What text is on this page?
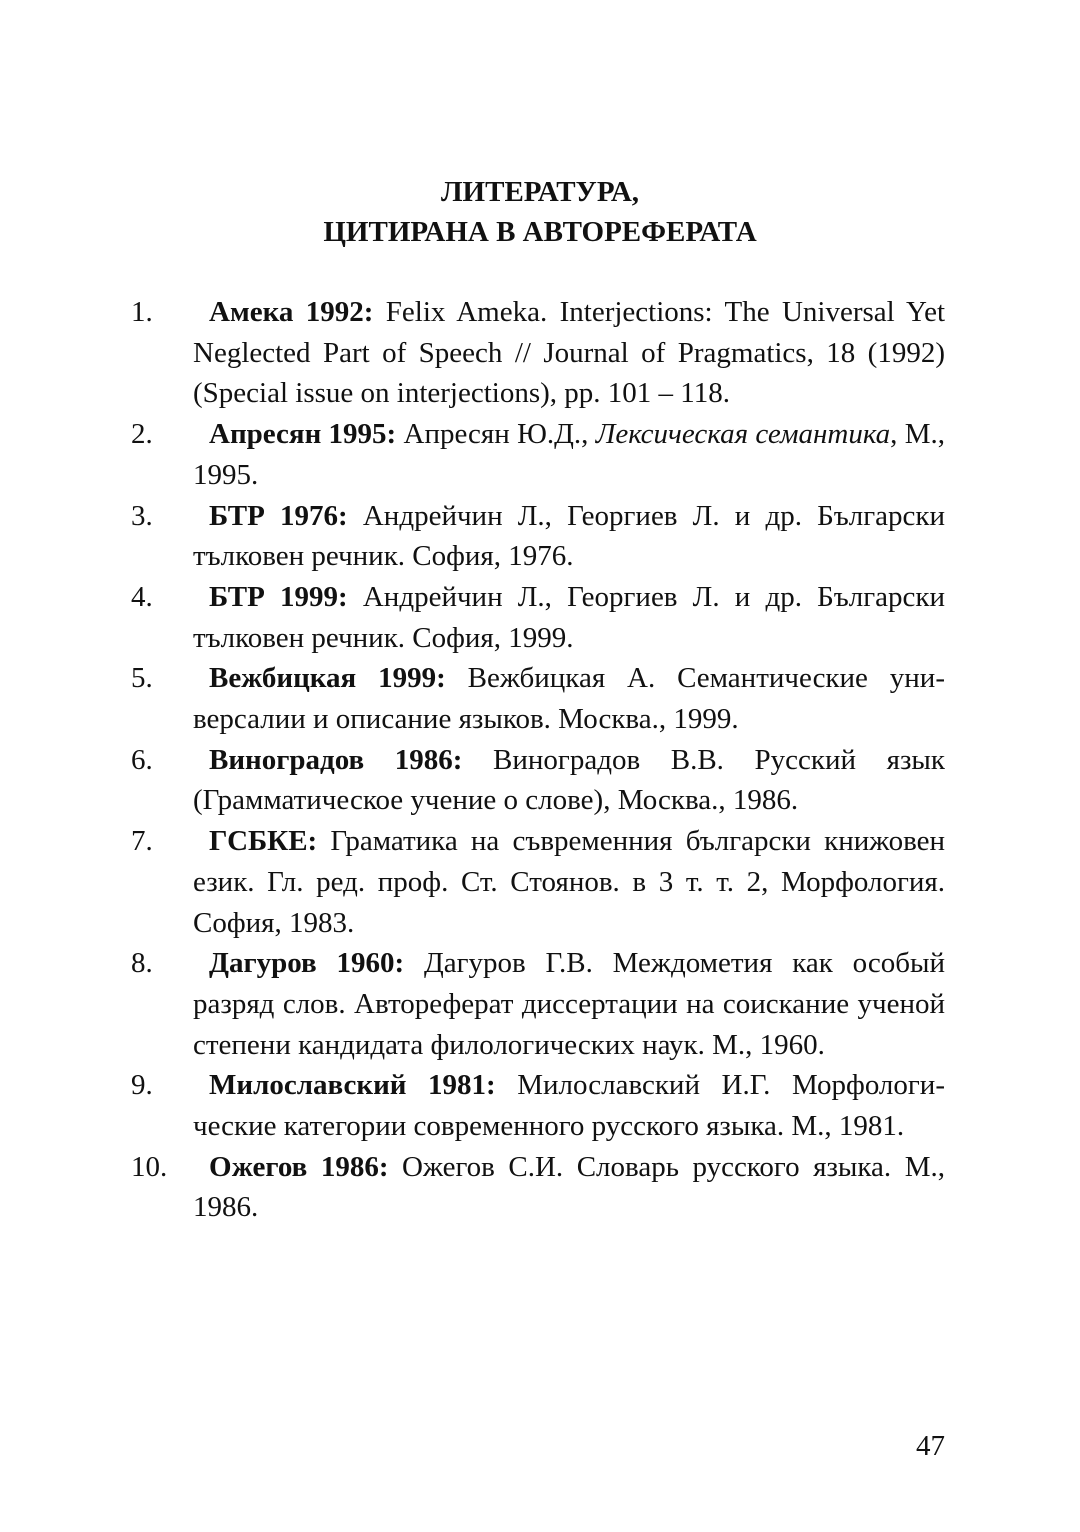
ЛИТЕРАТУРА,
ЦИТИРАНА В АВТОРЕФЕРАТА
1.	Амека 1992: Felix Ameka. Interjections: The Universal Yet Neglected Part of Speech // Journal of Pragmatics, 18 (1992) (Special issue on interjections), pp. 101 – 118.
2.	Апресян 1995: Апресян Ю.Д., Лексическая семантика, М., 1995.
3.	БТР 1976: Андрейчин Л., Георгиев Л. и др. Български тълковен речник. София, 1976.
4.	БТР 1999: Андрейчин Л., Георгиев Л. и др. Български тълковен речник. София, 1999.
5.	Вежбицкая 1999: Вежбицкая А. Семантические универсалии и описание языков. Москва., 1999.
6.	Виноградов 1986: Виноградов В.В. Русский язык (Грамматическое учение о слове), Москва., 1986.
7.	ГСБКЕ: Граматика на съвременния български книжовен език. Гл. ред. проф. Ст. Стоянов. в 3 т. т. 2, Морфология. София, 1983.
8.	Дагуров 1960: Дагуров Г.В. Междометия как особый разряд слов. Автореферат диссертации на соискание ученой степени кандидата филологических наук. М., 1960.
9.	Милославский 1981: Милославский И.Г. Морфологические категории современного русского языка. М., 1981.
10.	Ожегов 1986: Ожегов С.И. Словарь русского языка. М., 1986.
47
